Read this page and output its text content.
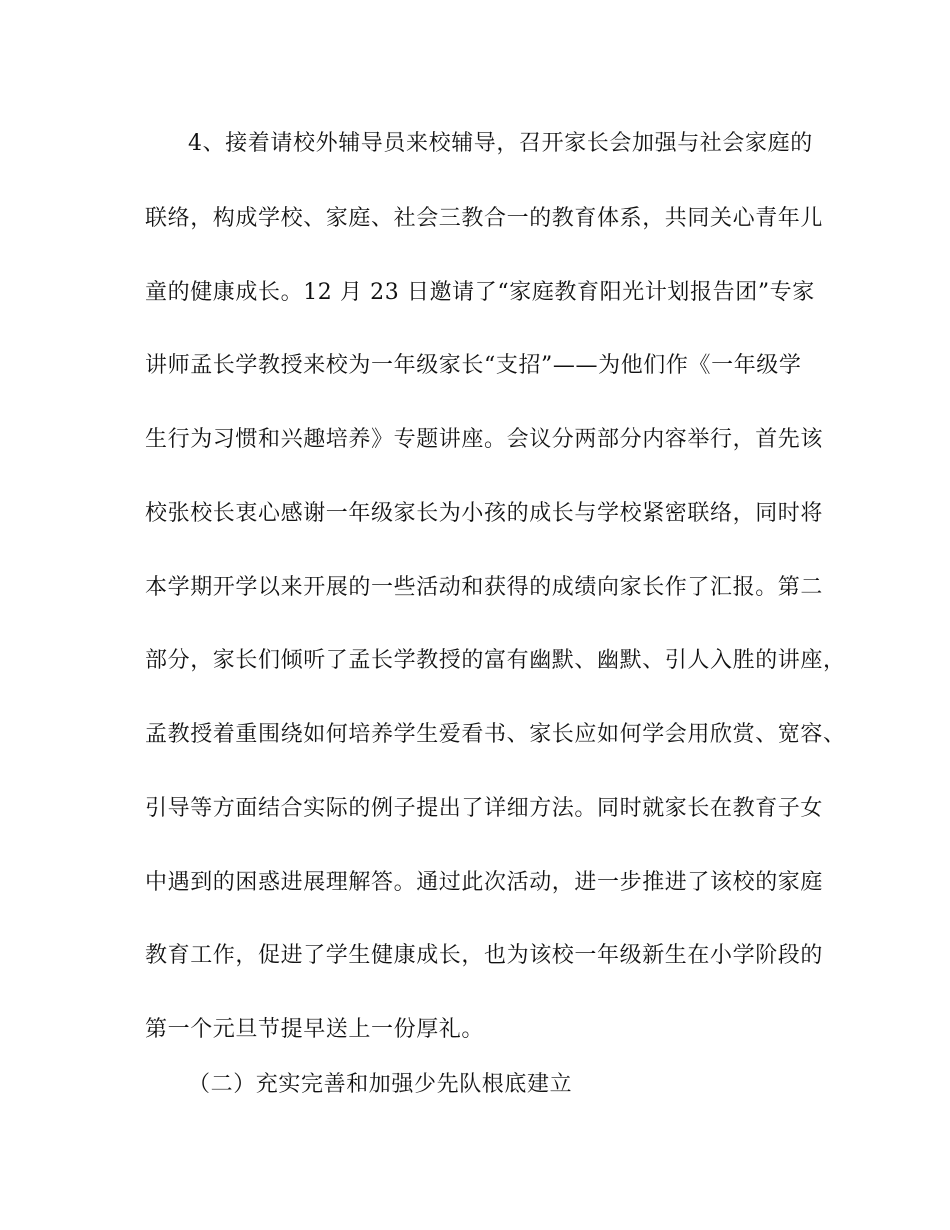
4、接着请校外辅导员来校辅导，召开家长会加强与社会家庭的
联络，构成学校、家庭、社会三教合一的教育体系，共同关心青年儿
童的健康成长。12 月 23 日邀请了“家庭教育阳光计划报告团”专家
讲师孟长学教授来校为一年级家长“支招”——为他们作《一年级学
生行为习惯和兴趣培养》专题讲座。会议分两部分内容举行，首先该
校张校长衷心感谢一年级家长为小孩的成长与学校紧密联络，同时将
本学期开学以来开展的一些活动和获得的成绩向家长作了汇报。第二
部分，家长们倾听了孟长学教授的富有幽默、幽默、引人入胜的讲座，
孟教授着重围绕如何培养学生爱看书、家长应如何学会用欣赏、宽容、
引导等方面结合实际的例子提出了详细方法。同时就家长在教育子女
中遇到的困惑进展理解答。通过此次活动，进一步推进了该校的家庭
教育工作，促进了学生健康成长，也为该校一年级新生在小学阶段的
第一个元旦节提早送上一份厚礼。
（二）充实完善和加强少先队根底建立
